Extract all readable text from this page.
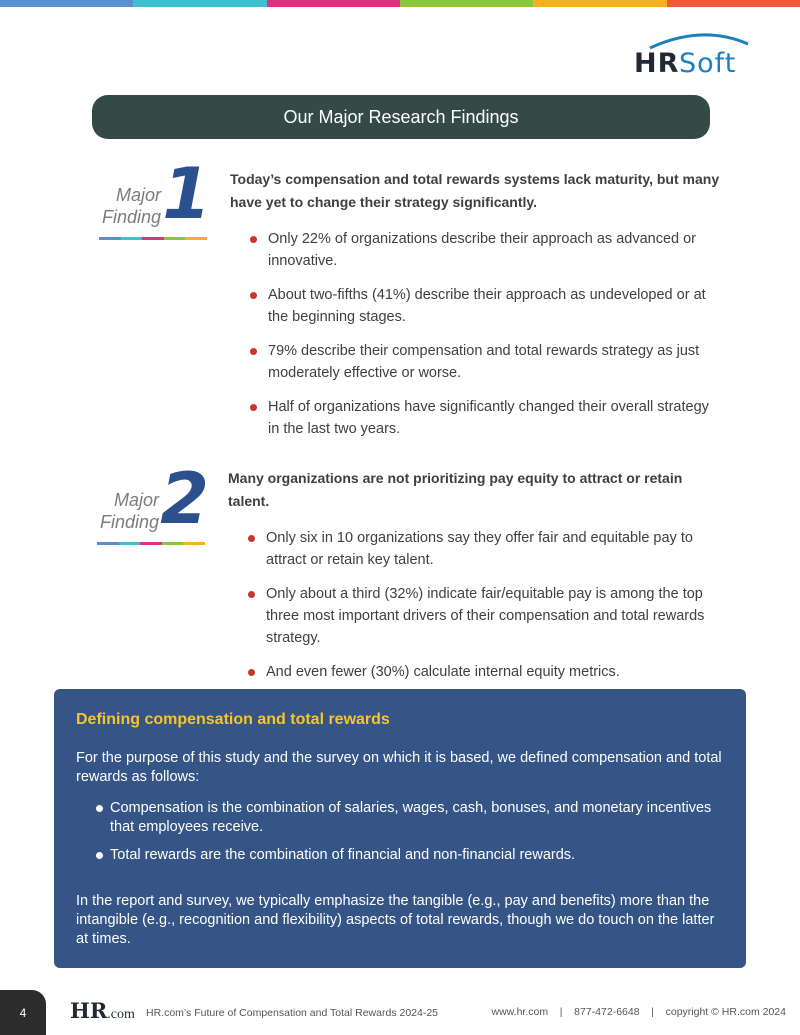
HR Soft
Our Major Research Findings
Major
Finding 1 Today’s compensation and total rewards systems lack maturity, but many have yet to change their strategy significantly.
Only 22% of organizations describe their approach as advanced or innovative.
About two-fifths (41%) describe their approach as undeveloped or at the beginning stages.
79% describe their compensation and total rewards strategy as just moderately effective or worse.
Half of organizations have significantly changed their overall strategy in the last two years.
Major
Finding 2 Many organizations are not prioritizing pay equity to attract or retain talent.
Only six in 10 organizations say they offer fair and equitable pay to attract or retain key talent.
Only about a third (32%) indicate fair/equitable pay is among the top three most important drivers of their compensation and total rewards strategy.
And even fewer (30%) calculate internal equity metrics.
Defining compensation and total rewards

For the purpose of this study and the survey on which it is based, we defined compensation and total rewards as follows:

Compensation is the combination of salaries, wages, cash, bonuses, and monetary incentives that employees receive.
Total rewards are the combination of financial and non-financial rewards.

In the report and survey, we typically emphasize the tangible (e.g., pay and benefits) more than the intangible (e.g., recognition and flexibility) aspects of total rewards, though we do touch on the latter at times.

4	HR.com HR.com’s Future of Compensation and Total Rewards 2024-25	www.hr.com    |    877-472-6648    |    copyright © HR.com 2024
